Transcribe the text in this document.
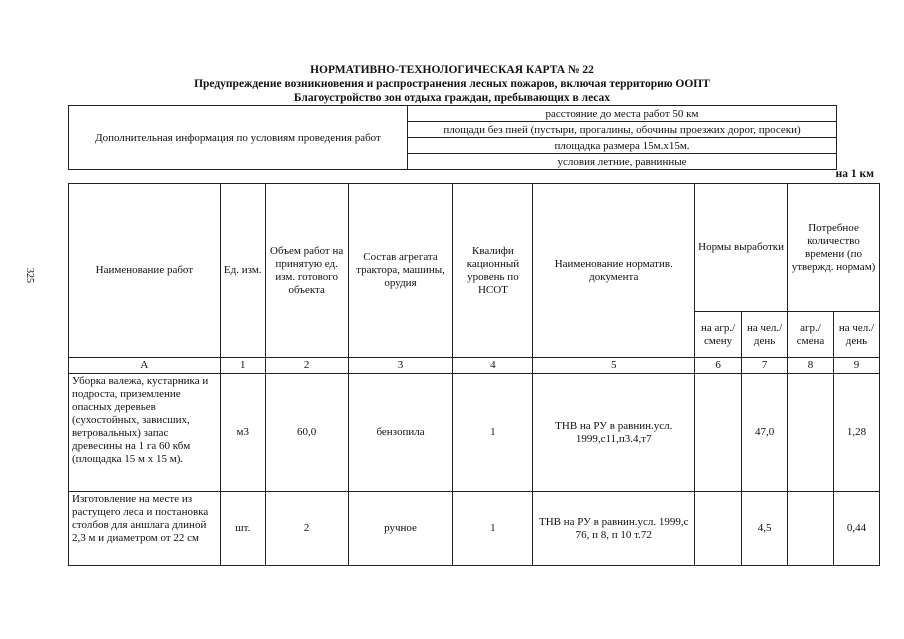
325
НОРМАТИВНО-ТЕХНОЛОГИЧЕСКАЯ КАРТА № 22
Предупреждение возникновения и распространения лесных пожаров, включая территорию ООПТ
Благоустройство зон отдыха граждан, пребывающих в лесах
Дополнительная информация по условиям проведения работ	расстояние до места работ 50 км
площади без пней (пустыри, прогалины, обочины проезжих дорог, просеки)
площадка размера 15м.х15м.
условия летние, равнинные
на 1 км
Наименование работ	Ед. изм.	Объем работ на принятую ед. изм. готового объекта	Состав агрегата трактора, машины, орудия	Квалифи кационный уровень по НСОТ	Наименование норматив. документа	Нормы выработки		Потребное количество времени (по утвержд. нормам)	
						на агр./ смену	на чел./ день	агр./ смена	на чел./ день
А	1	2	3	4	5	6	7	8	9
Уборка валежа, кустарника и подроста, приземление опасных деревьев (сухостойных, зависших, ветровальных) запас древесины на 1 га 60 кбм (площадка 15 м х 15 м).	м3	60,0	бензопила	1	ТНВ на РУ в равнин.усл. 1999,с11,п3.4,т7		47,0		1,28
Изготовление на месте из растущего леса и постановка столбов для аншлага длиной 2,3 м и диаметром от 22 см	шт.	2	ручное	1	ТНВ на РУ в равнин.усл. 1999,с 76, п 8, п 10 т.72		4,5		0,44
